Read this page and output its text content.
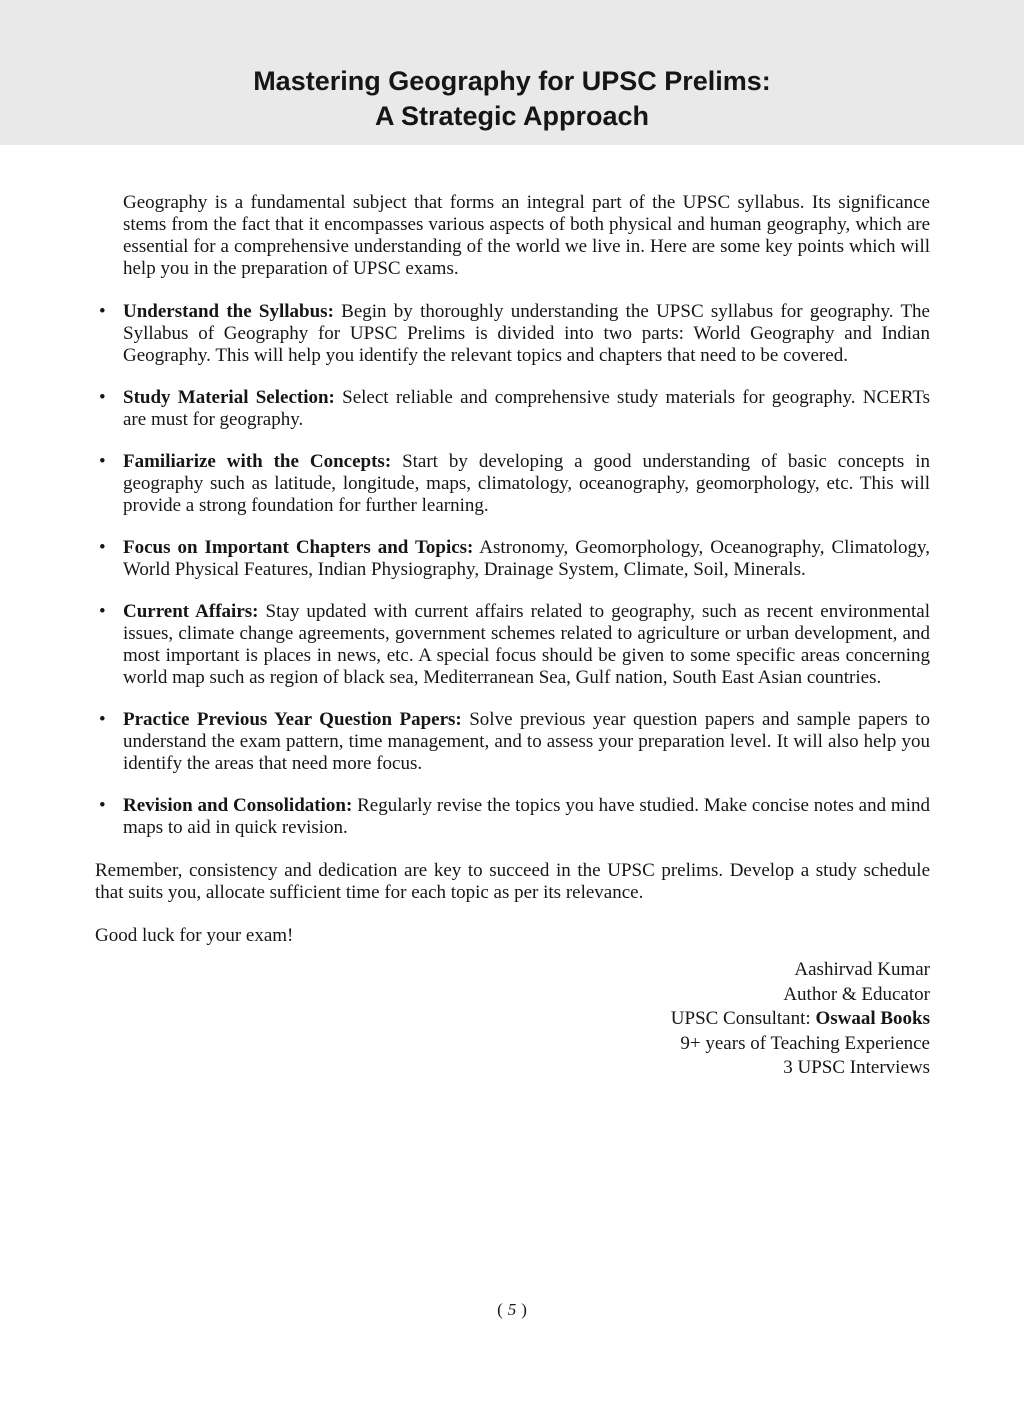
Mastering Geography for UPSC Prelims:
A Strategic Approach

Geography is a fundamental subject that forms an integral part of the UPSC syllabus. Its significance stems from the fact that it encompasses various aspects of both physical and human geography, which are essential for a comprehensive understanding of the world we live in. Here are some key points which will help you in the preparation of UPSC exams.

• Understand the Syllabus: Begin by thoroughly understanding the UPSC syllabus for geography. The Syllabus of Geography for UPSC Prelims is divided into two parts: World Geography and Indian Geography. This will help you identify the relevant topics and chapters that need to be covered.
• Study Material Selection: Select reliable and comprehensive study materials for geography. NCERTs are must for geography.
• Familiarize with the Concepts: Start by developing a good understanding of basic concepts in geography such as latitude, longitude, maps, climatology, oceanography, geomorphology, etc. This will provide a strong foundation for further learning.
• Focus on Important Chapters and Topics: Astronomy, Geomorphology, Oceanography, Climatology, World Physical Features, Indian Physiography, Drainage System, Climate, Soil, Minerals.
• Current Affairs: Stay updated with current affairs related to geography, such as recent environmental issues, climate change agreements, government schemes related to agriculture or urban development, and most important is places in news, etc. A special focus should be given to some specific areas concerning world map such as region of black sea, Mediterranean Sea, Gulf nation, South East Asian countries.
• Practice Previous Year Question Papers: Solve previous year question papers and sample papers to understand the exam pattern, time management, and to assess your preparation level. It will also help you identify the areas that need more focus.
• Revision and Consolidation: Regularly revise the topics you have studied. Make concise notes and mind maps to aid in quick revision.

Remember, consistency and dedication are key to succeed in the UPSC prelims. Develop a study schedule that suits you, allocate sufficient time for each topic as per its relevance.

Good luck for your exam!

Aashirvad Kumar
Author & Educator
UPSC Consultant: Oswaal Books
9+ years of Teaching Experience
3 UPSC Interviews
( 5 )
